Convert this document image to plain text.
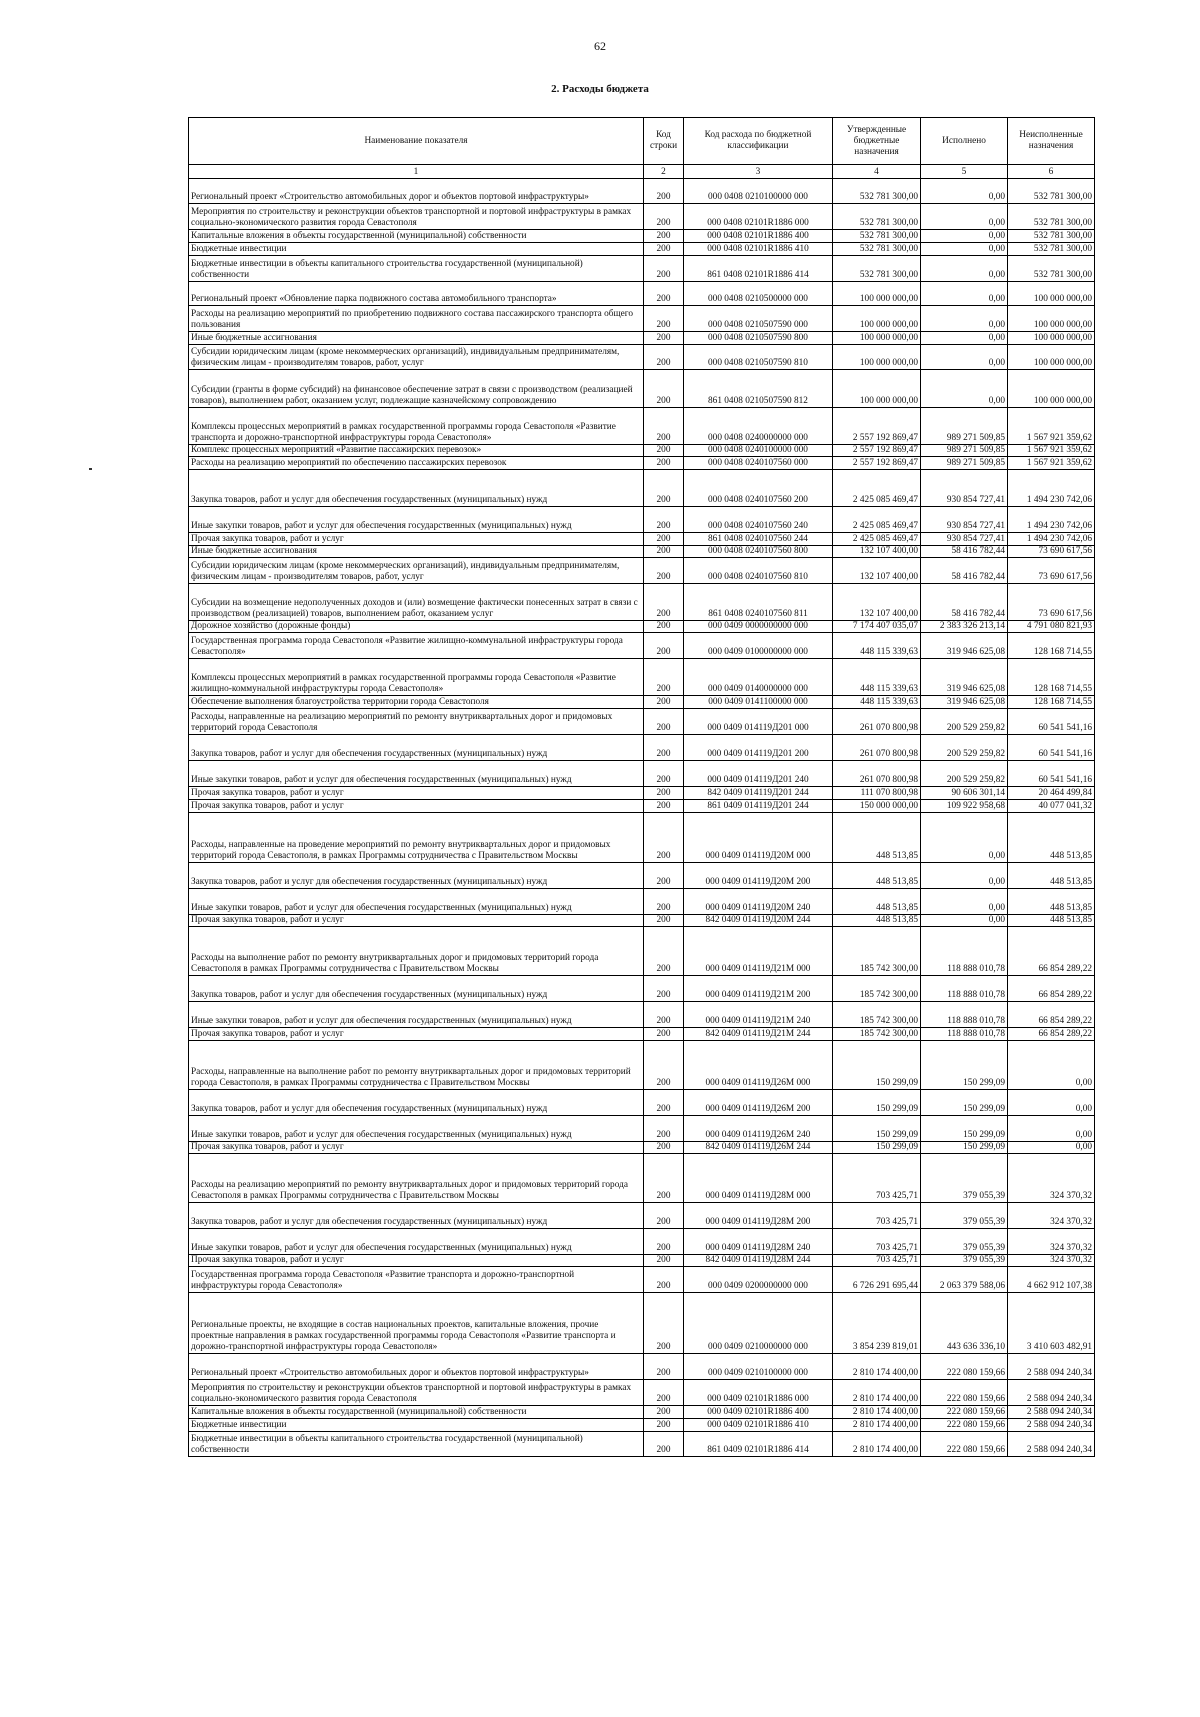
62
2. Расходы бюджета
Наименование показателя	Код строки	Код расхода по бюджетной классификации	Утвержденные бюджетные назначения	Исполнено	Неисполненные назначения
1	2	3	4	5	6
Региональный проект «Строительство автомобильных дорог и объектов портовой инфраструктуры»	200	000 0408 0210100000 000	532 781 300,00	0,00	532 781 300,00
Мероприятия по строительству и реконструкции объектов транспортной и портовой инфраструктуры в рамках социально-экономического развития города Севастополя	200	000 0408 02101R1886 000	532 781 300,00	0,00	532 781 300,00
Капитальные вложения в объекты государственной (муниципальной) собственности	200	000 0408 02101R1886 400	532 781 300,00	0,00	532 781 300,00
Бюджетные инвестиции	200	000 0408 02101R1886 410	532 781 300,00	0,00	532 781 300,00
Бюджетные инвестиции в объекты капитального строительства государственной (муниципальной) собственности	200	861 0408 02101R1886 414	532 781 300,00	0,00	532 781 300,00
Региональный проект «Обновление парка подвижного состава автомобильного транспорта»	200	000 0408 0210500000 000	100 000 000,00	0,00	100 000 000,00
Расходы на реализацию мероприятий по приобретению подвижного состава пассажирского транспорта общего пользования	200	000 0408 0210507590 000	100 000 000,00	0,00	100 000 000,00
Иные бюджетные ассигнования	200	000 0408 0210507590 800	100 000 000,00	0,00	100 000 000,00
Субсидии юридическим лицам (кроме некоммерческих организаций), индивидуальным предпринимателям, физическим лицам - производителям товаров, работ, услуг	200	000 0408 0210507590 810	100 000 000,00	0,00	100 000 000,00
Субсидии (гранты в форме субсидий) на финансовое обеспечение затрат в связи с производством (реализацией товаров), выполнением работ, оказанием услуг, подлежащие казначейскому сопровождению	200	861 0408 0210507590 812	100 000 000,00	0,00	100 000 000,00
Комплексы процессных мероприятий в рамках государственной программы города Севастополя «Развитие транспорта и дорожно-транспортной инфраструктуры города Севастополя»	200	000 0408 0240000000 000	2 557 192 869,47	989 271 509,85	1 567 921 359,62
Комплекс процессных мероприятий «Развитие пассажирских перевозок»	200	000 0408 0240100000 000	2 557 192 869,47	989 271 509,85	1 567 921 359,62
Расходы на реализацию мероприятий по обеспечению пассажирских перевозок	200	000 0408 0240107560 000	2 557 192 869,47	989 271 509,85	1 567 921 359,62
Закупка товаров, работ и услуг для обеспечения государственных (муниципальных) нужд	200	000 0408 0240107560 200	2 425 085 469,47	930 854 727,41	1 494 230 742,06
Иные закупки товаров, работ и услуг для обеспечения государственных (муниципальных) нужд	200	000 0408 0240107560 240	2 425 085 469,47	930 854 727,41	1 494 230 742,06
Прочая закупка товаров, работ и услуг	200	861 0408 0240107560 244	2 425 085 469,47	930 854 727,41	1 494 230 742,06
Иные бюджетные ассигнования	200	000 0408 0240107560 800	132 107 400,00	58 416 782,44	73 690 617,56
Субсидии юридическим лицам (кроме некоммерческих организаций), индивидуальным предпринимателям, физическим лицам - производителям товаров, работ, услуг	200	000 0408 0240107560 810	132 107 400,00	58 416 782,44	73 690 617,56
Субсидии на возмещение недополученных доходов и (или) возмещение фактически понесенных затрат в связи с производством (реализацией) товаров, выполнением работ, оказанием услуг	200	861 0408 0240107560 811	132 107 400,00	58 416 782,44	73 690 617,56
Дорожное хозяйство (дорожные фонды)	200	000 0409 0000000000 000	7 174 407 035,07	2 383 326 213,14	4 791 080 821,93
Государственная программа города Севастополя «Развитие жилищно-коммунальной инфраструктуры города Севастополя»	200	000 0409 0100000000 000	448 115 339,63	319 946 625,08	128 168 714,55
Комплексы процессных мероприятий в рамках государственной программы города Севастополя «Развитие жилищно-коммунальной инфраструктуры города Севастополя»	200	000 0409 0140000000 000	448 115 339,63	319 946 625,08	128 168 714,55
Обеспечение выполнения благоустройства территории города Севастополя	200	000 0409 0141100000 000	448 115 339,63	319 946 625,08	128 168 714,55
Расходы, направленные на реализацию мероприятий по ремонту внутриквартальных дорог и придомовых территорий города Севастополя	200	000 0409 014119Д201 000	261 070 800,98	200 529 259,82	60 541 541,16
Закупка товаров, работ и услуг для обеспечения государственных (муниципальных) нужд	200	000 0409 014119Д201 200	261 070 800,98	200 529 259,82	60 541 541,16
Иные закупки товаров, работ и услуг для обеспечения государственных (муниципальных) нужд	200	000 0409 014119Д201 240	261 070 800,98	200 529 259,82	60 541 541,16
Прочая закупка товаров, работ и услуг	200	842 0409 014119Д201 244	111 070 800,98	90 606 301,14	20 464 499,84
Прочая закупка товаров, работ и услуг	200	861 0409 014119Д201 244	150 000 000,00	109 922 958,68	40 077 041,32
Расходы, направленные на проведение мероприятий по ремонту внутриквартальных дорог и придомовых территорий города Севастополя, в рамках Программы сотрудничества с Правительством Москвы	200	000 0409 014119Д20М 000	448 513,85	0,00	448 513,85
Закупка товаров, работ и услуг для обеспечения государственных (муниципальных) нужд	200	000 0409 014119Д20М 200	448 513,85	0,00	448 513,85
Иные закупки товаров, работ и услуг для обеспечения государственных (муниципальных) нужд	200	000 0409 014119Д20М 240	448 513,85	0,00	448 513,85
Прочая закупка товаров, работ и услуг	200	842 0409 014119Д20М 244	448 513,85	0,00	448 513,85
Расходы на выполнение работ по ремонту внутриквартальных дорог и придомовых территорий города Севастополя в рамках Программы сотрудничества с Правительством Москвы	200	000 0409 014119Д21М 000	185 742 300,00	118 888 010,78	66 854 289,22
Закупка товаров, работ и услуг для обеспечения государственных (муниципальных) нужд	200	000 0409 014119Д21М 200	185 742 300,00	118 888 010,78	66 854 289,22
Иные закупки товаров, работ и услуг для обеспечения государственных (муниципальных) нужд	200	000 0409 014119Д21М 240	185 742 300,00	118 888 010,78	66 854 289,22
Прочая закупка товаров, работ и услуг	200	842 0409 014119Д21М 244	185 742 300,00	118 888 010,78	66 854 289,22
Расходы, направленные на выполнение работ по ремонту внутриквартальных дорог и придомовых территорий города Севастополя, в рамках Программы сотрудничества с Правительством Москвы	200	000 0409 014119Д26М 000	150 299,09	150 299,09	0,00
Закупка товаров, работ и услуг для обеспечения государственных (муниципальных) нужд	200	000 0409 014119Д26М 200	150 299,09	150 299,09	0,00
Иные закупки товаров, работ и услуг для обеспечения государственных (муниципальных) нужд	200	000 0409 014119Д26М 240	150 299,09	150 299,09	0,00
Прочая закупка товаров, работ и услуг	200	842 0409 014119Д26М 244	150 299,09	150 299,09	0,00
Расходы на реализацию мероприятий по ремонту внутриквартальных дорог и придомовых территорий города Севастополя в рамках Программы сотрудничества с Правительством Москвы	200	000 0409 014119Д28М 000	703 425,71	379 055,39	324 370,32
Закупка товаров, работ и услуг для обеспечения государственных (муниципальных) нужд	200	000 0409 014119Д28М 200	703 425,71	379 055,39	324 370,32
Иные закупки товаров, работ и услуг для обеспечения государственных (муниципальных) нужд	200	000 0409 014119Д28М 240	703 425,71	379 055,39	324 370,32
Прочая закупка товаров, работ и услуг	200	842 0409 014119Д28М 244	703 425,71	379 055,39	324 370,32
Государственная программа города Севастополя «Развитие транспорта и дорожно-транспортной инфраструктуры города Севастополя»	200	000 0409 0200000000 000	6 726 291 695,44	2 063 379 588,06	4 662 912 107,38
Региональные проекты, не входящие в состав национальных проектов, капитальные вложения, прочие проектные направления в рамках государственной программы города Севастополя «Развитие транспорта и дорожно-транспортной инфраструктуры города Севастополя»	200	000 0409 0210000000 000	3 854 239 819,01	443 636 336,10	3 410 603 482,91
Региональный проект «Строительство автомобильных дорог и объектов портовой инфраструктуры»	200	000 0409 0210100000 000	2 810 174 400,00	222 080 159,66	2 588 094 240,34
Мероприятия по строительству и реконструкции объектов транспортной и портовой инфраструктуры в рамках социально-экономического развития города Севастополя	200	000 0409 02101R1886 000	2 810 174 400,00	222 080 159,66	2 588 094 240,34
Капитальные вложения в объекты государственной (муниципальной) собственности	200	000 0409 02101R1886 400	2 810 174 400,00	222 080 159,66	2 588 094 240,34
Бюджетные инвестиции	200	000 0409 02101R1886 410	2 810 174 400,00	222 080 159,66	2 588 094 240,34
Бюджетные инвестиции в объекты капитального строительства государственной (муниципальной) собственности	200	861 0409 02101R1886 414	2 810 174 400,00	222 080 159,66	2 588 094 240,34
